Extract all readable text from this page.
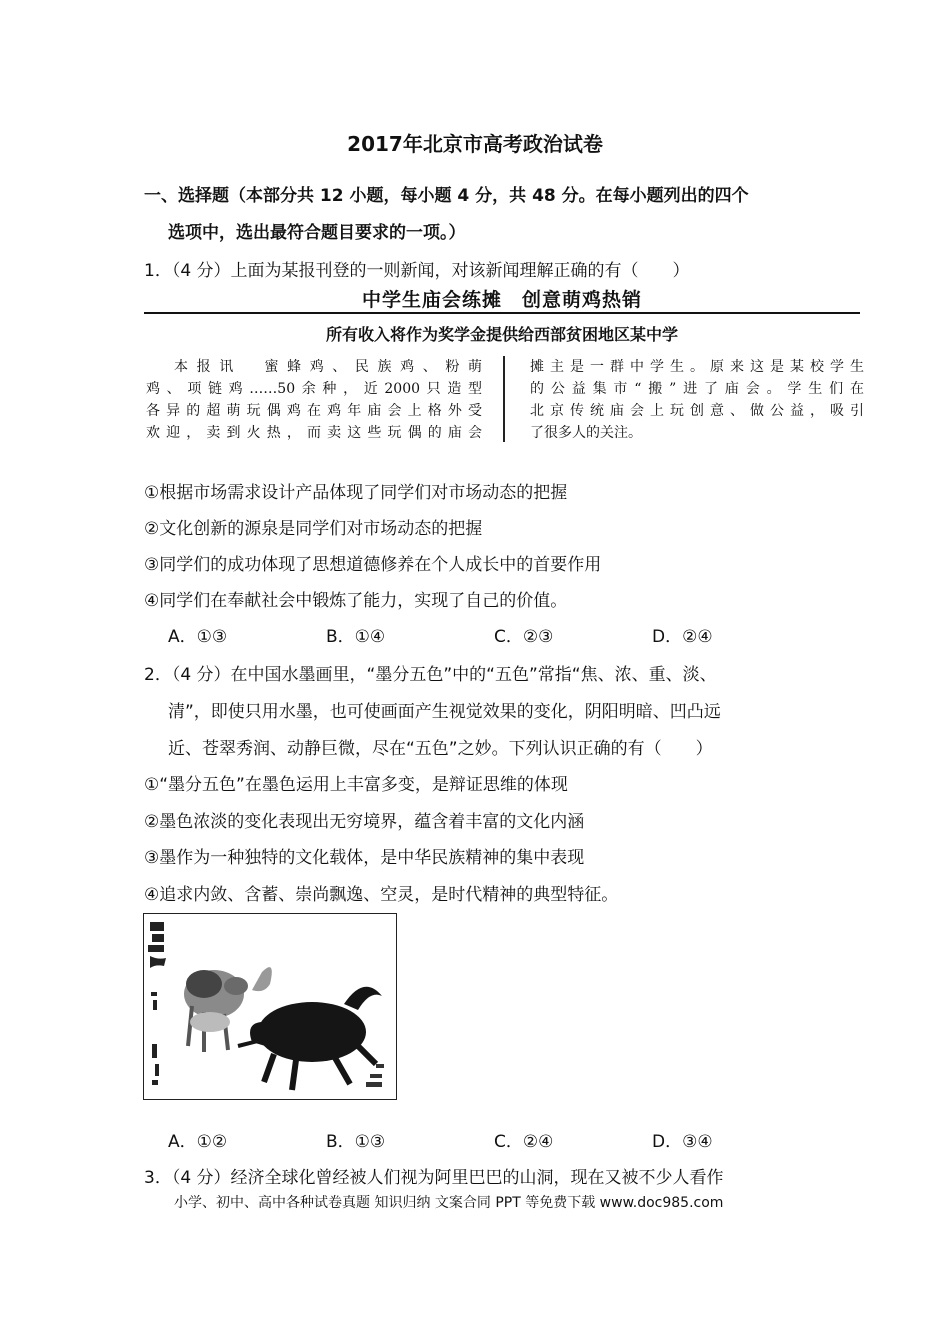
2017年北京市高考政治试卷
一、选择题（本部分共 12 小题，每小题 4 分，共 48 分。在每小题列出的四个
选项中，选出最符合题目要求的一项。）
1．（4 分）上面为某报刊登的一则新闻，对该新闻理解正确的有（　　）
中学生庙会练摊　创意萌鸡热销
所有收入将作为奖学金提供给西部贫困地区某中学
本报讯　蜜蜂鸡、民族鸡、粉萌
鸡、项链鸡……50余种，近2000只造型
各异的超萌玩偶鸡在鸡年庙会上格外受
欢迎，卖到火热，而卖这些玩偶的庙会
摊主是一群中学生。原来这是某校学生
的公益集市“搬”进了庙会。学生们在
北京传统庙会上玩创意、做公益，吸引
了很多人的关注。
①根据市场需求设计产品体现了同学们对市场动态的把握
②文化创新的源泉是同学们对市场动态的把握
③同学们的成功体现了思想道德修养在个人成长中的首要作用
④同学们在奉献社会中锻炼了能力，实现了自己的价值。
A．①③	B．①④	C．②③	D．②④
2．（4 分）在中国水墨画里，“墨分五色”中的“五色”常指“焦、浓、重、淡、
清”，即使只用水墨，也可使画面产生视觉效果的变化，阴阳明暗、凹凸远
近、苍翠秀润、动静巨微，尽在“五色”之妙。下列认识正确的有（　　）
①“墨分五色”在墨色运用上丰富多变，是辩证思维的体现
②墨色浓淡的变化表现出无穷境界，蕴含着丰富的文化内涵
③墨作为一种独特的文化载体，是中华民族精神的集中表现
④追求内敛、含蓄、崇尚飘逸、空灵，是时代精神的典型特征。
A．①②	B．①③	C．②④	D．③④
3．（4 分）经济全球化曾经被人们视为阿里巴巴的山洞，现在又被不少人看作
小学、初中、高中各种试卷真题 知识归纳 文案合同 PPT 等免费下载 www.doc985.com
